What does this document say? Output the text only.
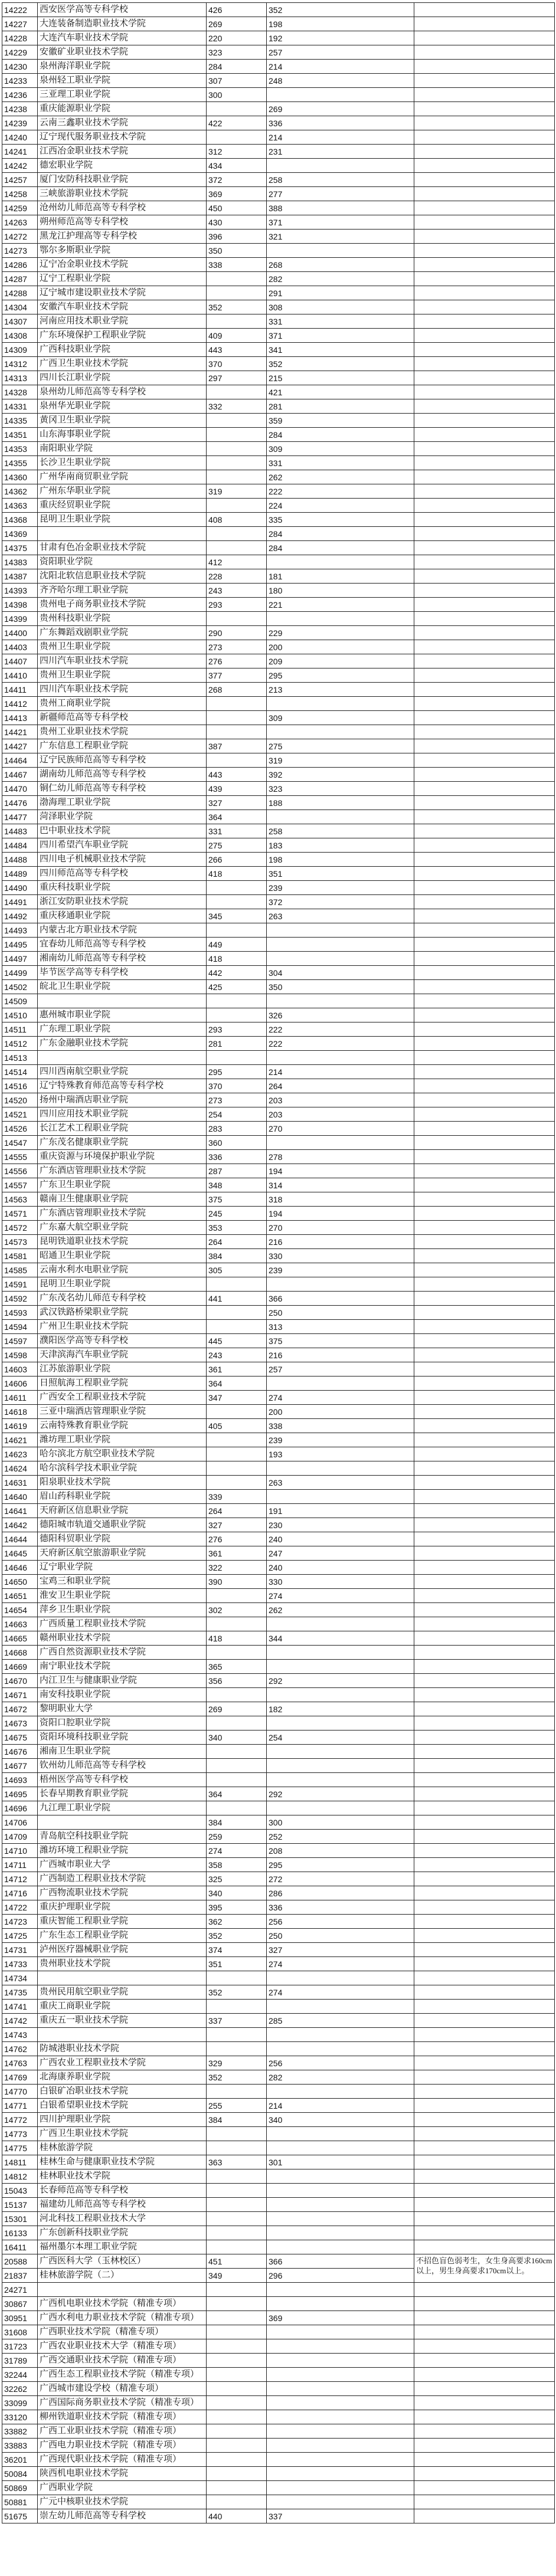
14222	西安医学高等专科学校	426	352	
14227	大连装备制造职业技术学院	269	198	
14228	大连汽车职业技术学院	220	192	
14229	安徽矿业职业技术学院	323	257	
14230	泉州海洋职业学院	284	214	
14233	泉州轻工职业学院	307	248	
14236	三亚理工职业学院	300		
14238	重庆能源职业学院		269	
14239	云南三鑫职业技术学院	422	336	
14240	辽宁现代服务职业技术学院		214	
14241	江西冶金职业技术学院	312	231	
14242	德宏职业学院	434		
14257	厦门安防科技职业学院	372	258	
14258	三峡旅游职业技术学院	369	277	
14259	沧州幼儿师范高等专科学校	450	388	
14263	朔州师范高等专科学校	430	371	
14272	黑龙江护理高等专科学校	396	321	
14273	鄂尔多斯职业学院	350		
14286	辽宁冶金职业技术学院	338	268	
14287	辽宁工程职业学院		282	
14288	辽宁城市建设职业技术学院		291	
14304	安徽汽车职业技术学院	352	308	
14307	河南应用技术职业学院		331	
14308	广东环境保护工程职业学院	409	371	
14309	广西科技职业学院	443	341	
14312	广西卫生职业技术学院	370	352	
14313	四川长江职业学院	297	215	
14328	泉州幼儿师范高等专科学校		421	
14331	泉州华光职业学院	332	281	
14335	黄冈卫生职业学院		359	
14351	山东海事职业学院		284	
14353	南阳职业学院		309	
14355	长沙卫生职业学院		331	
14360	广州华南商贸职业学院		262	
14362	广州东华职业学院	319	222	
14363	重庆经贸职业学院		224	
14368	昆明卫生职业学院	408	335	
14369			284	
14375	甘肃有色冶金职业技术学院		284	
14383	资阳职业学院	412		
14387	沈阳北软信息职业技术学院	228	181	
14393	齐齐哈尔理工职业学院	243	180	
14398	贵州电子商务职业技术学院	293	221	
14399	贵州科技职业学院			
14400	广东舞蹈戏剧职业学院	290	229	
14403	贵州卫生职业学院	273	200	
14407	四川汽车职业技术学院	276	209	
14410	贵州卫生职业学院	377	295	
14411	四川汽车职业技术学院	268	213	
14412	贵州工商职业学院			
14413	新疆师范高等专科学校		309	
14421	贵州工业职业技术学院			
14427	广东信息工程职业学院	387	275	
14464	辽宁民族师范高等专科学校		319	
14467	湖南幼儿师范高等专科学校	443	392	
14470	铜仁幼儿师范高等专科学校	439	323	
14476	渤海理工职业学院	327	188	
14477	菏泽职业学院	364		
14483	巴中职业技术学院	331	258	
14484	四川希望汽车职业学院	275	183	
14488	四川电子机械职业技术学院	266	198	
14489	四川师范高等专科学校	418	351	
14490	重庆科技职业学院		239	
14491	浙江安防职业技术学院		372	
14492	重庆移通职业学院	345	263	
14493	内蒙古北方职业技术学院			
14495	宜春幼儿师范高等专科学校	449		
14497	湘南幼儿师范高等专科学校	418		
14499	毕节医学高等专科学校	442	304	
14502	皖北卫生职业学院	425	350	
14509				
14510	惠州城市职业学院		326	
14511	广东理工职业学院	293	222	
14512	广东金融职业技术学院	281	222	
14513				
14514	四川西南航空职业学院	295	214	
14516	辽宁特殊教育师范高等专科学校	370	264	
14520	扬州中瑞酒店职业学院	273	203	
14521	四川应用技术职业学院	254	203	
14526	长江艺术工程职业学院	283	270	
14547	广东茂名健康职业学院	360		
14555	重庆资源与环境保护职业学院	336	278	
14556	广东酒店管理职业技术学院	287	194	
14557	广东卫生职业学院	348	314	
14563	赣南卫生健康职业学院	375	318	
14571	广东酒店管理职业技术学院	245	194	
14572	广东嘉大航空职业学院	353	270	
14573	昆明铁道职业技术学院	264	216	
14581	昭通卫生职业学院	384	330	
14585	云南水利水电职业学院	305	239	
14591	昆明卫生职业学院			
14592	广东茂名幼儿师范专科学校	441	366	
14593	武汉铁路桥梁职业学院		250	
14594	广州卫生职业技术学院		313	
14597	濮阳医学高等专科学校	445	375	
14598	天津滨海汽车职业学院	243	216	
14603	江苏旅游职业学院	361	257	
14606	日照航海工程职业学院	364		
14611	广西安全工程职业技术学院	347	274	
14618	三亚中瑞酒店管理职业学院		200	
14619	云南特殊教育职业学院	405	338	
14621	潍坊理工职业学院		239	
14623	哈尔滨北方航空职业技术学院		193	
14624	哈尔滨科学技术职业学院			
14631	阳泉职业技术学院		263	
14640	眉山药科职业学院	339		
14641	天府新区信息职业学院	264	191	
14642	德阳城市轨道交通职业学院	327	230	
14644	德阳科贸职业学院	276	240	
14645	天府新区航空旅游职业学院	361	247	
14646	辽宁职业学院	322	240	
14650	宝鸡三和职业学院	390	330	
14651	淮安卫生职业学院		274	
14654	萍乡卫生职业学院	302	262	
14663	广西质量工程职业技术学院			
14665	赣州职业技术学院	418	344	
14668	广西自然资源职业技术学院			
14669	南宁职业技术学院	365		
14670	内江卫生与健康职业学院	356	292	
14671	南安科技职业学院			
14672	黎明职业大学	269	182	
14673	资阳口腔职业学院			
14675	资阳环境科技职业学院	340	254	
14676	湘南卫生职业学院			
14677	钦州幼儿师范高等专科学校			
14693	梧州医学高等专科学校			
14695	长春早期教育职业学院	364	292	
14696	九江理工职业学院			
14706		384	300	
14709	青岛航空科技职业学院	259	252	
14710	潍坊环境工程职业学院	274	208	
14711	广西城市职业大学	358	295	
14712	广西制造工程职业技术学院	325	272	
14716	广西物流职业技术学院	340	286	
14722	重庆护理职业学院	395	336	
14723	重庆智能工程职业学院	362	256	
14725	广东生态工程职业学院	352	250	
14731	泸州医疗器械职业学院	374	327	
14733	贵州职业技术学院	351	274	
14734				
14735	贵州民用航空职业学院	352	274	
14741	重庆工商职业学院			
14742	重庆五一职业技术学院	337	285	
14743				
14762	防城港职业技术学院			
14763	广西农业工程职业技术学院	329	256	
14769	北海康养职业学院	352	282	
14770	白银矿冶职业技术学院			
14771	白银希望职业技术学院	255	214	
14772	四川护理职业学院	384	340	
14773	广西卫生职业技术学院			
14775	桂林旅游学院			
14811	桂林生命与健康职业技术学院	363	301	
14812	桂林职业技术学院			
15043	长春师范高等专科学校			
15137	福建幼儿师范高等专科学校			
15301	河北科技工程职业技术大学			
16133	广东创新科技职业学院			
16411	福州墨尔本理工职业学院			
20588	广西医科大学（玉林校区）	451	366	不招色盲色弱考生，女生身高要求160cm以上，男生身高要求170cm以上。
21837	桂林旅游学院（二）	349	296	
24271				
30867	广西机电职业技术学院（精准专项）			
30951	广西水利电力职业技术学院（精准专项）		369	
31608	广西职业技术学院（精准专项）			
31723	广西农业职业技术大学（精准专项）			
31789	广西交通职业技术学院（精准专项）			
32244	广西生态工程职业技术学院（精准专项）			
32262	广西城市建设学校（精准专项）			
33099	广西国际商务职业技术学院（精准专项）			
33120	柳州铁道职业技术学院（精准专项）			
33882	广西工业职业技术学院（精准专项）			
33883	广西电力职业技术学院（精准专项）			
36201	广西现代职业技术学院（精准专项）			
50084	陕西机电职业技术学院			
50869	广西职业学院			
50881	广元中核职业技术学院			
51675	崇左幼儿师范高等专科学校	440	337	
